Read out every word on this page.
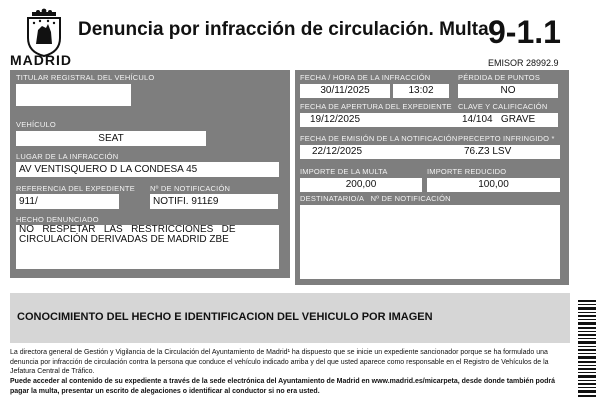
MADRID
Denuncia por infracción de circulación. Multa 9-1.1
EMISOR 28992.9
TITULAR REGISTRAL DEL VEHÍCULO
VEHÍCULO
SEAT
LUGAR DE LA INFRACCIÓN
AV VENTISQUERO D LA CONDESA 45
REFERENCIA DEL EXPEDIENTE
911/
Nº DE NOTIFICACIÓN
NOTIFI. 911£9
HECHO DENUNCIADO
NO   RESPETAR   LAS   RESTRICCIONES   DE
CIRCULACIÓN DERIVADAS DE MADRID ZBE
FECHA / HORA DE LA INFRACCIÓN
30/11/2025	13:02
PÉRDIDA DE PUNTOS
NO
FECHA DE APERTURA DEL EXPEDIENTE
19/12/2025
CLAVE Y CALIFICACIÓN
14/104   GRAVE
FECHA DE EMISIÓN DE LA NOTIFICACIÓN
22/12/2025
PRECEPTO INFRINGIDO *
76.Z3 LSV
IMPORTE DE LA MULTA
200,00
IMPORTE REDUCIDO
100,00
DESTINATARIO/A   Nº DE NOTIFICACIÓN
CONOCIMIENTO DEL HECHO E IDENTIFICACION DEL VEHICULO POR IMAGEN
La directora general de Gestión y Vigilancia de la Circulación del Ayuntamiento de Madrid¹ ha dispuesto que se inicie un expediente sancionador porque se ha formulado una denuncia por infracción de circulación contra la persona que conduce el vehículo indicado arriba y del que usted aparece como responsable en el Registro de Vehículos de la Jefatura Central de Tráfico.
Puede acceder al contenido de su expediente a través de la sede electrónica del Ayuntamiento de Madrid en www.madrid.es/micarpeta, desde donde también podrá pagar la multa, presentar un escrito de alegaciones o identificar al conductor si no era usted.
